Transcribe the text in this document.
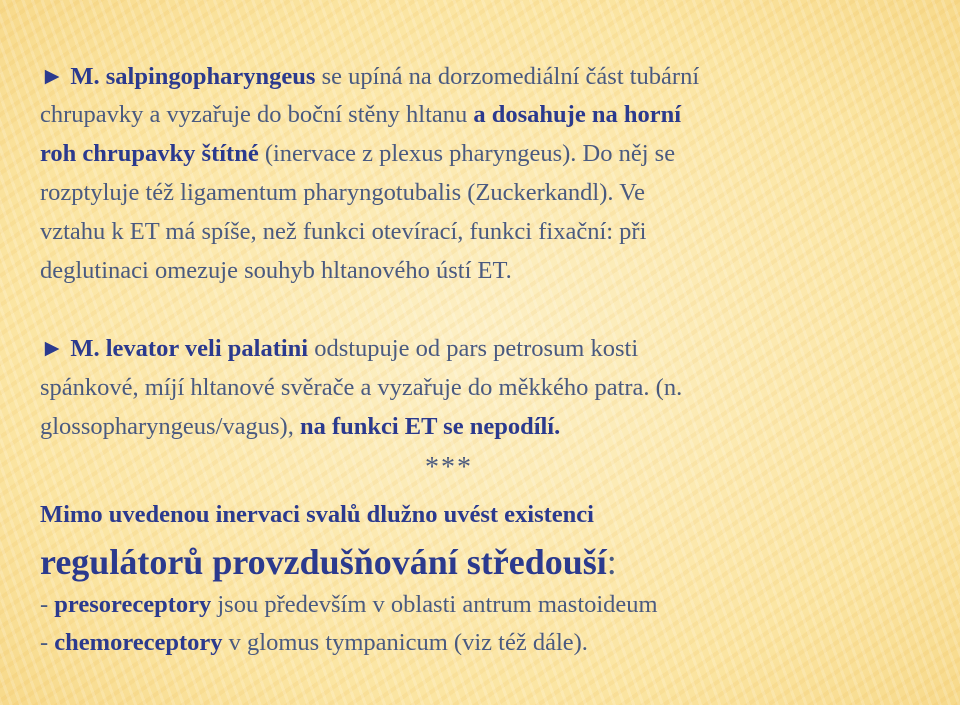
► M. salpingopharyngeus se upíná na dorzomediální část tubární
chrupavky a vyzařuje do boční stěny hltanu a dosahuje na horní
roh chrupavky štítné (inervace z plexus pharyngeus). Do něj se
rozptyluje též ligamentum pharyngotubalis (Zuckerkandl). Ve
vztahu k ET má spíše, než funkci otevírací, funkci fixační: při
deglutinaci omezuje souhyb hltanového ústí ET.
► M. levator veli palatini odstupuje od pars petrosum kosti
spánkové, míjí hltanové svěrače a vyzařuje do měkkého patra. (n.
glossopharyngeus/vagus), na funkci ET se nepodílí.
***
Mimo uvedenou inervaci svalů dlužno uvést existenci
regulátorů provzdušňování středouší:
- presoreceptory jsou především v oblasti antrum mastoideum
- chemoreceptory v glomus tympanicum (viz též dále).
